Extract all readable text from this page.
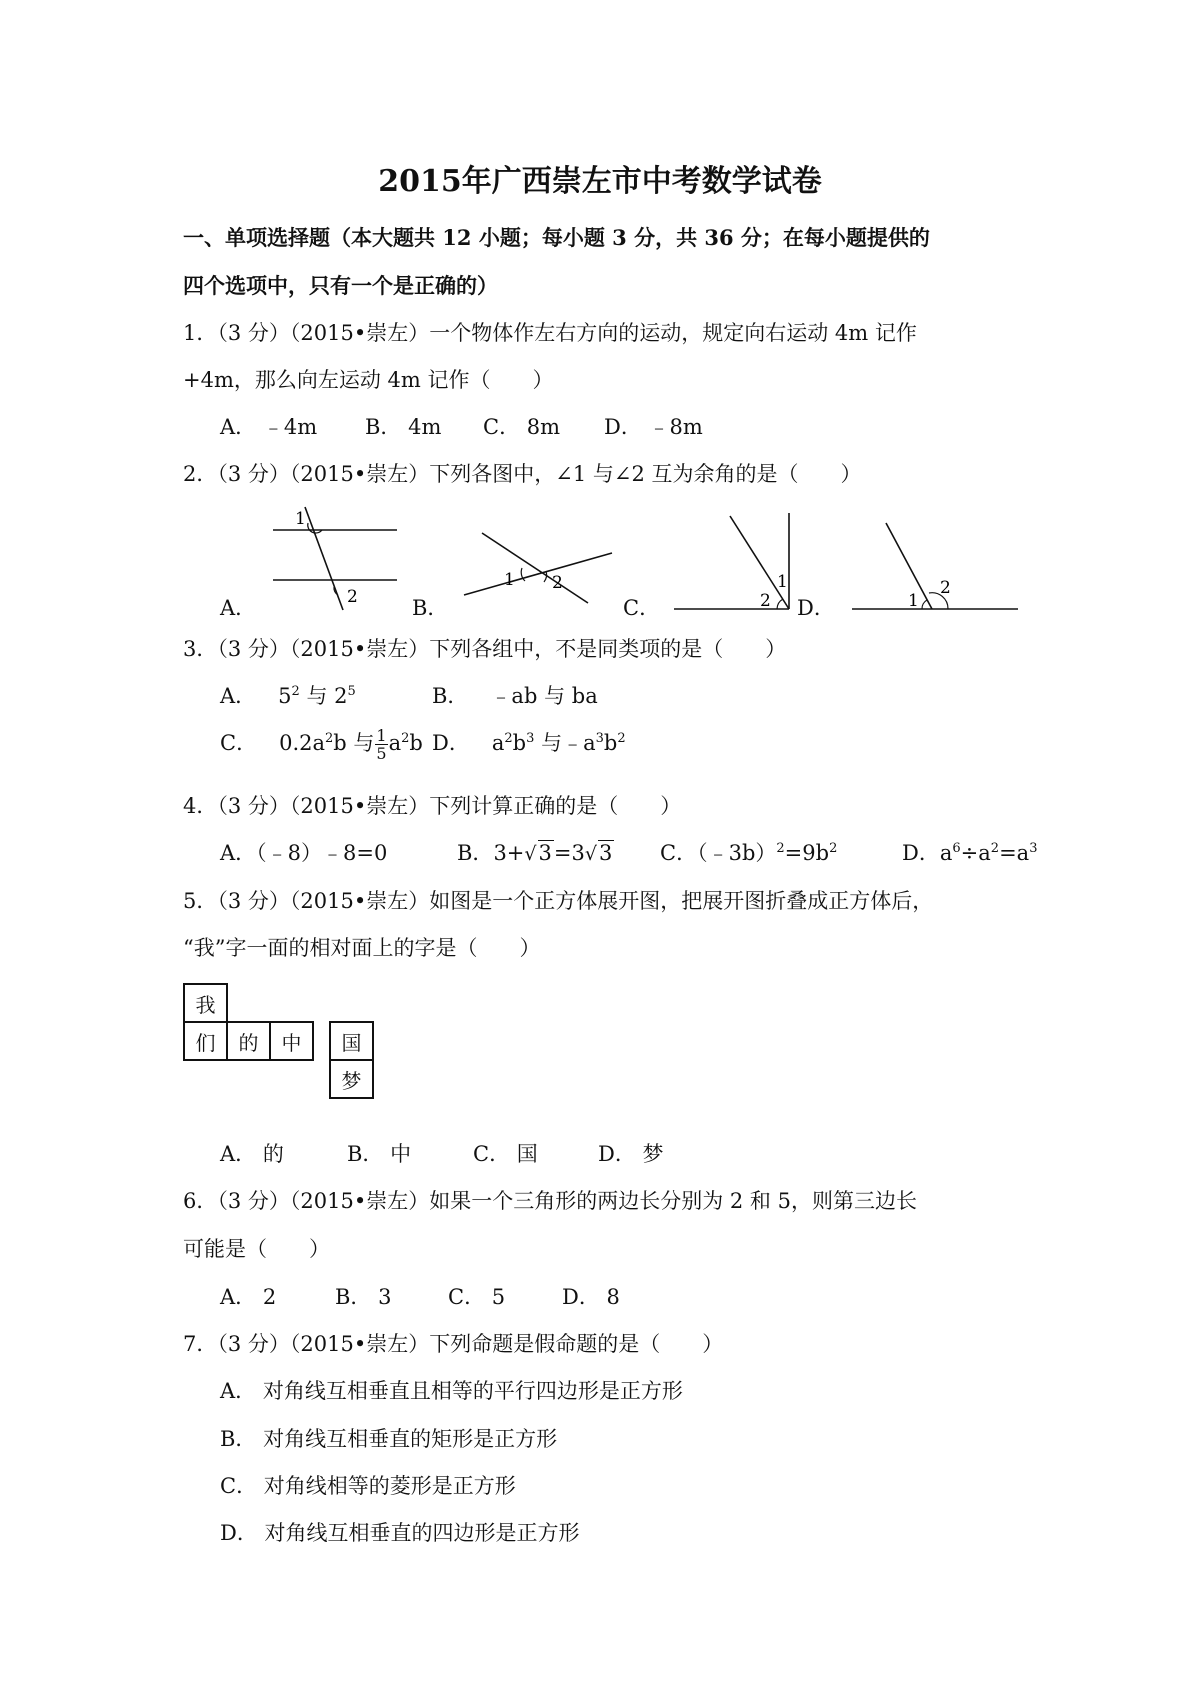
2015年广西崇左市中考数学试卷
一、单项选择题（本大题共 12 小题；每小题 3 分，共 36 分；在每小题提供的
四个选项中，只有一个是正确的）
1．（3 分）（2015•崇左）一个物体作左右方向的运动，规定向右运动 4m 记作
+4m，那么向左运动 4m 记作（　　）
A． ﹣4m B． 4m C． 8m D． ﹣8m
2．（3 分）（2015•崇左）下列各图中，∠1 与∠2 互为余角的是（　　）
A．	B．	C．	D．
1
2
1 2	1
2	1
2
3．（3 分）（2015•崇左）下列各组中，不是同类项的是（　　）
A． $5^2$ 与 $2^5$	B． ﹣ab 与 ba
C． $0.2a^2b$ 与 $\frac{1}{5} a^2b$ D． $a^2b^3$ 与$﹣a^3b^2$
4．（3 分）（2015•崇左）下列计算正确的是（　　）
A．（﹣8）﹣8=0	B．3+√3=3√3 C．$(﹣3b)^2=9b^2$	D．$a^6\div a^2=a^3$
5．（3 分）（2015•崇左）如图是一个正方体展开图，把展开图折叠成正方体后，
“我”字一面的相对面上的字是（　　）
我
们	的	中	国
梦
A． 的	B． 中	C． 国	D． 梦
6．（3 分）（2015•崇左）如果一个三角形的两边长分别为 2 和 5，则第三边长
可能是（　　）
A． 2	B． 3	C． 5	D． 8
7．（3 分）（2015•崇左）下列命题是假命题的是（　　）
A． 对角线互相垂直且相等的平行四边形是正方形
B． 对角线互相垂直的矩形是正方形
C． 对角线相等的菱形是正方形
D． 对角线互相垂直的四边形是正方形
